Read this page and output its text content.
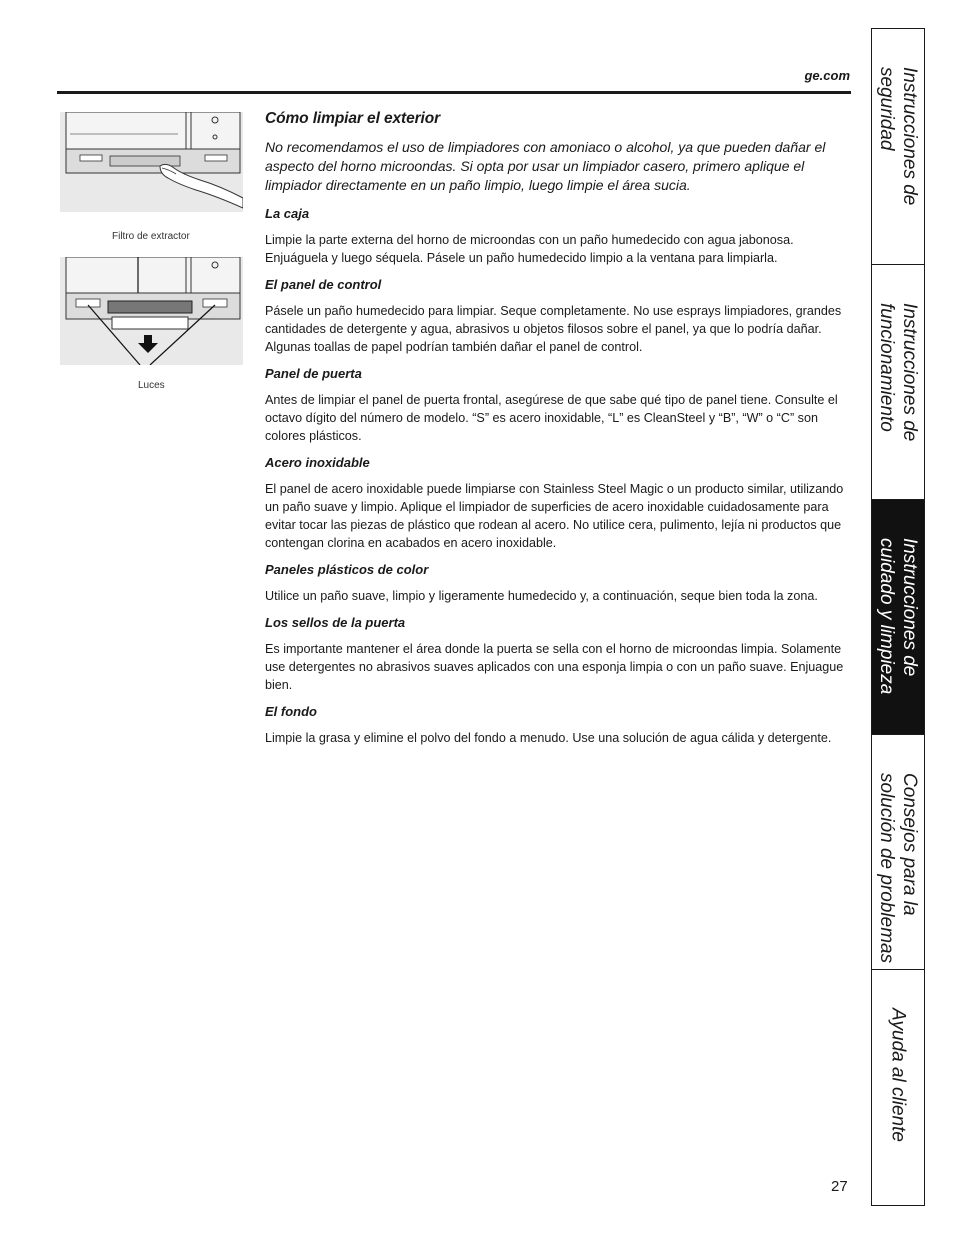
ge.com
Filtro de extractor
Luces
Cómo limpiar el exterior

No recomendamos el uso de limpiadores con amoniaco o alcohol, ya que pueden dañar el aspecto del horno microondas. Si opta por usar un limpiador casero, primero aplique el limpiador directamente en un paño limpio, luego limpie el área sucia.

La caja

Limpie la parte externa del horno de microondas con un paño humedecido con agua jabonosa. Enjuáguela y luego séquela. Pásele un paño humedecido limpio a la ventana para limpiarla.

El panel de control

Pásele un paño humedecido para limpiar. Seque completamente. No use esprays limpiadores, grandes cantidades de detergente y agua, abrasivos u objetos filosos sobre el panel, ya que lo podría dañar. Algunas toallas de papel podrían también dañar el panel de control.

Panel de puerta

Antes de limpiar el panel de puerta frontal, asegúrese de que sabe qué tipo de panel tiene. Consulte el octavo dígito del número de modelo. “S” es acero inoxidable, “L” es CleanSteel y “B”, “W” o “C” son colores plásticos.

Acero inoxidable

El panel de acero inoxidable puede limpiarse con Stainless Steel Magic o un producto similar, utilizando un paño suave y limpio. Aplique el limpiador de superficies de acero inoxidable cuidadosamente para evitar tocar las piezas de plástico que rodean al acero. No utilice cera, pulimento, lejía ni productos que contengan clorina en acabados en acero inoxidable.

Paneles plásticos de color

Utilice un paño suave, limpio y ligeramente humedecido y, a continuación, seque bien toda la zona.

Los sellos de la puerta

Es importante mantener el área donde la puerta se sella con el horno de microondas limpia. Solamente use detergentes no abrasivos suaves aplicados con una esponja limpia o con un paño suave. Enjuague bien.

El fondo

Limpie la grasa y elimine el polvo del fondo a menudo. Use una solución de agua cálida y detergente.

Instrucciones de
seguridad
Instrucciones de
funcionamiento
Instrucciones de
cuidado y limpieza
Consejos para la
solución de problemas
Ayuda al cliente
27
